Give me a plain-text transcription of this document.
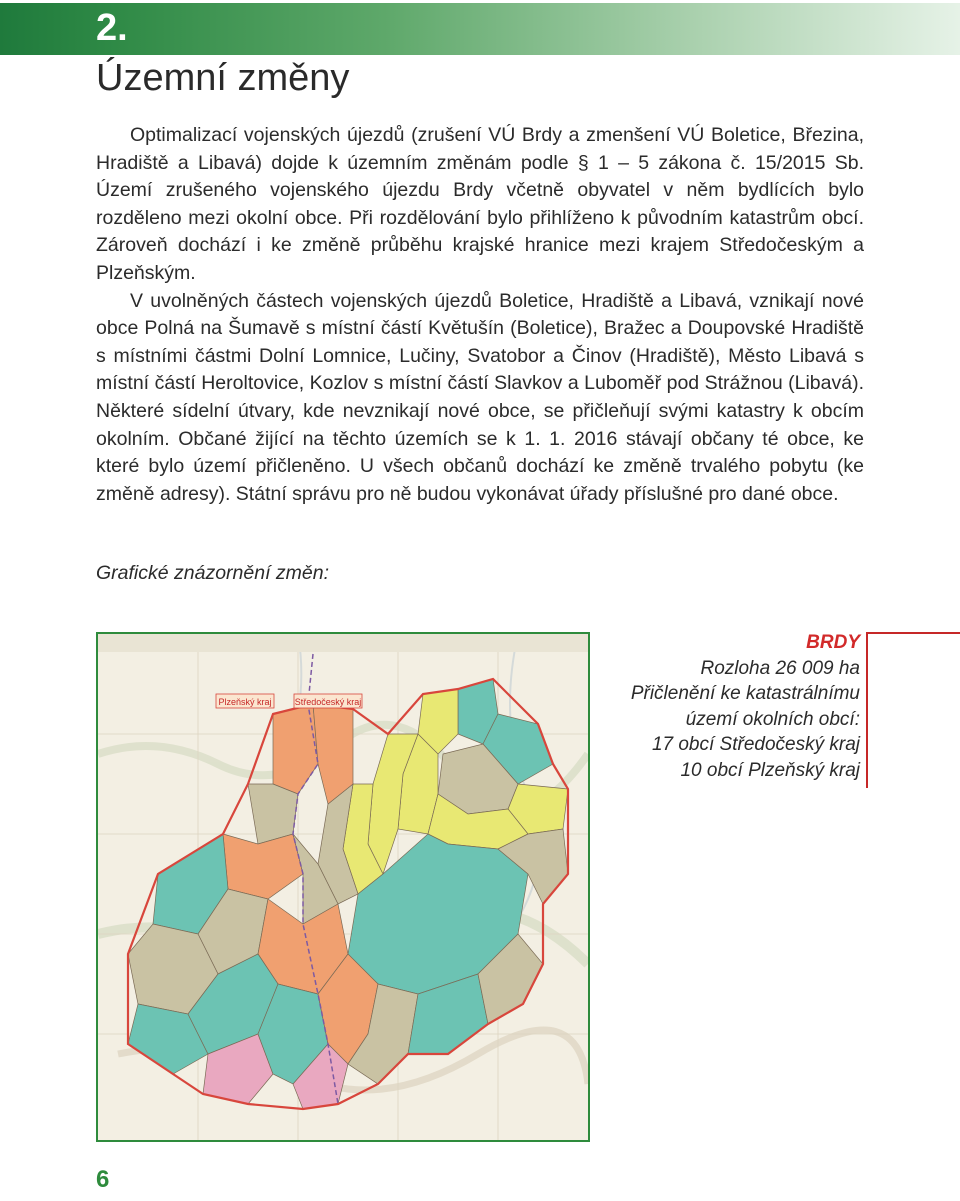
2.
Územní změny

Optimalizací vojenských újezdů (zrušení VÚ Brdy a zmenšení VÚ Boletice, Březina, Hradiště a Libavá) dojde k územním změnám podle § 1 – 5 zákona č. 15/2015 Sb. Území zrušeného vojenského újezdu Brdy včetně obyvatel v něm bydlících bylo rozděleno mezi okolní obce. Při rozdělování bylo přihlíženo k původním katastrům obcí. Zároveň dochází i ke změně průběhu krajské hranice mezi krajem Středočeským a Plzeňským.

V uvolněných částech vojenských újezdů Boletice, Hradiště a Libavá, vznikají nové obce Polná na Šumavě s místní částí Květušín (Boletice), Bražec a Doupovské Hradiště s místními částmi Dolní Lomnice, Lučiny, Svatobor a Činov (Hradiště), Město Libavá s místní částí Heroltovice, Kozlov s místní částí Slavkov a Luboměř pod Strážnou (Libavá). Některé sídelní útvary, kde nevznikají nové obce, se přičleňují svými katastry k obcím okolním. Občané žijící na těchto územích se k 1. 1. 2016 stávají občany té obce, ke které bylo území přičleněno. U všech občanů dochází ke změně trvalého pobytu (ke změně adresy). Státní správu pro ně budou vykonávat úřady příslušné pro dané obce.

Grafické znázornění změn:
Plzeňský kraj	Středočeský kraj
BRDY
Rozloha 26 009 ha
Přičlenění ke katastrálnímu
území okolních obcí:
17 obcí Středočeský kraj
10 obcí Plzeňský kraj
6
